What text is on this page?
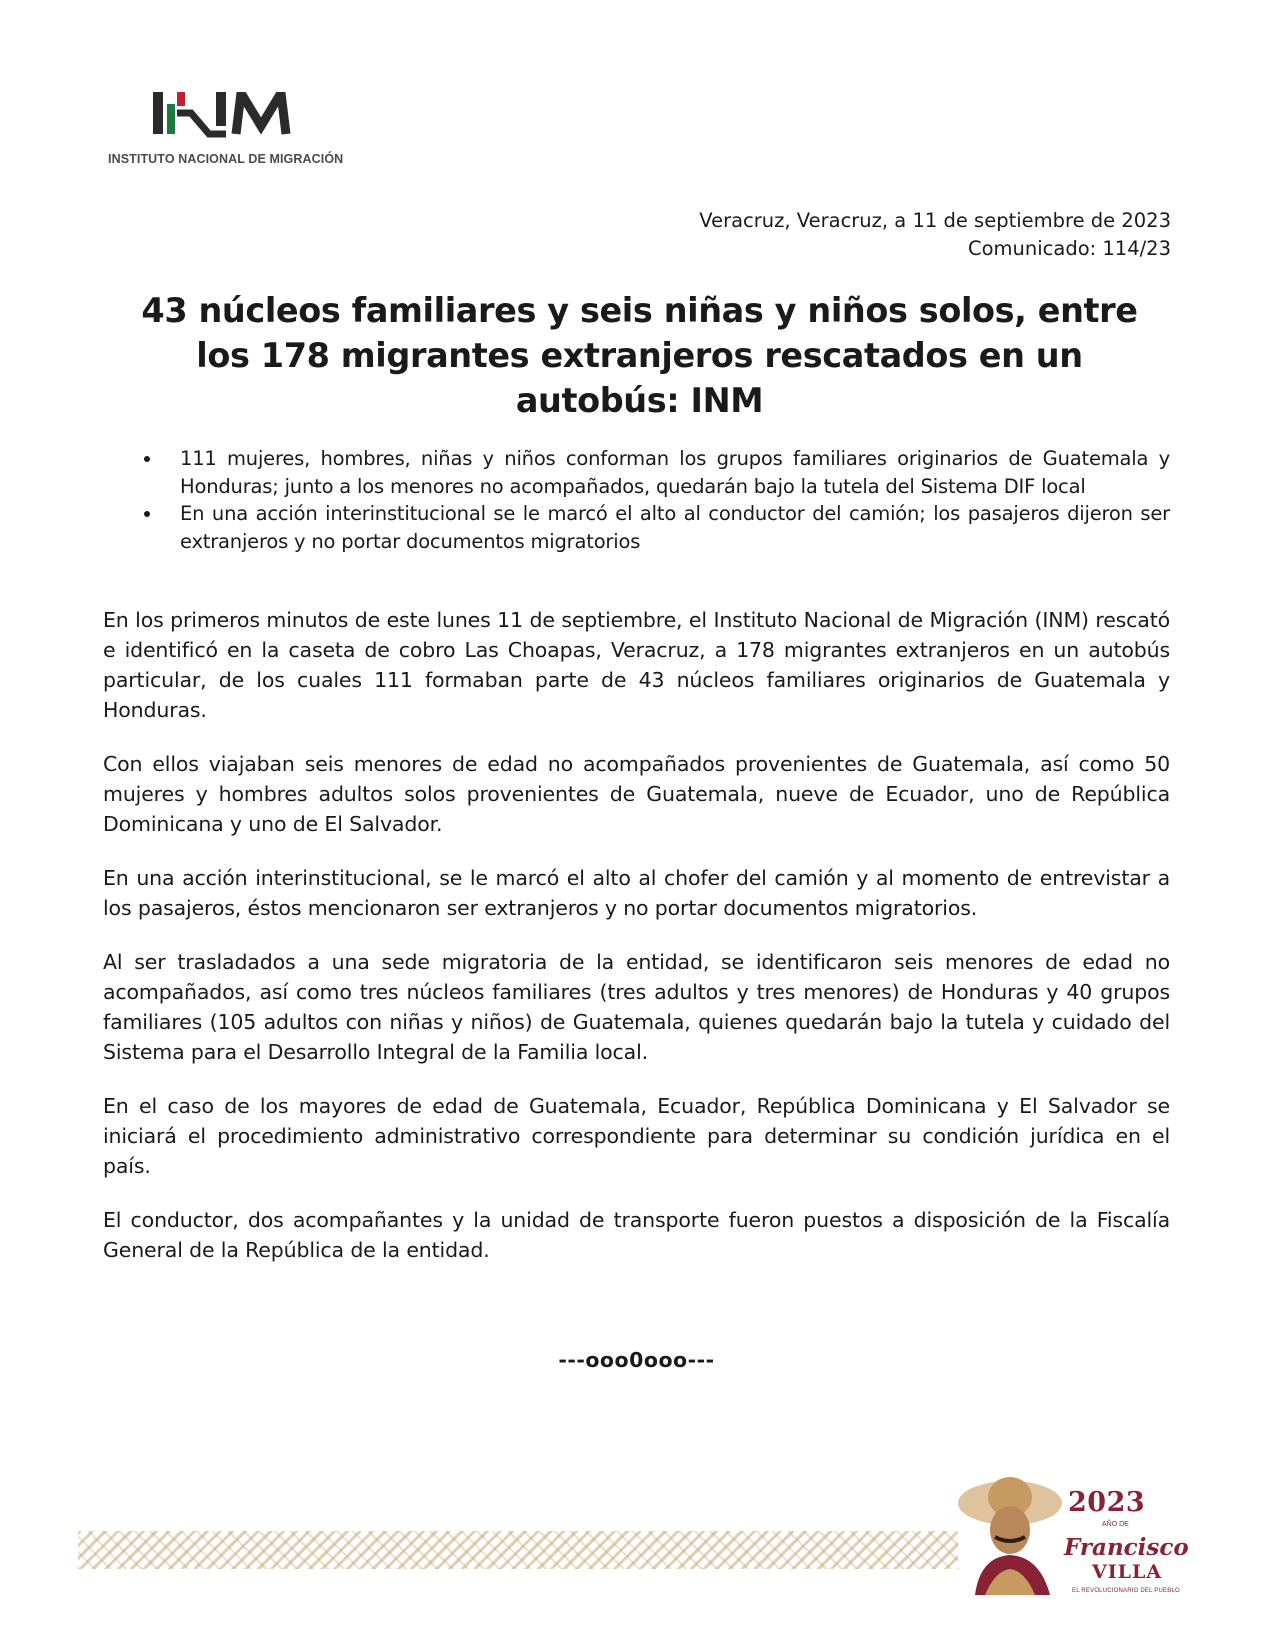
INSTITUTO NACIONAL DE MIGRACIÓN
Veracruz, Veracruz, a 11 de septiembre de 2023
Comunicado: 114/23
43 núcleos familiares y seis niñas y niños solos, entre los 178 migrantes extranjeros rescatados en un autobús: INM
111 mujeres, hombres, niñas y niños conforman los grupos familiares originarios de Guatemala y Honduras; junto a los menores no acompañados, quedarán bajo la tutela del Sistema DIF local
En una acción interinstitucional se le marcó el alto al conductor del camión; los pasajeros dijeron ser extranjeros y no portar documentos migratorios

En los primeros minutos de este lunes 11 de septiembre, el Instituto Nacional de Migración (INM) rescató e identificó en la caseta de cobro Las Choapas, Veracruz, a 178 migrantes extranjeros en un autobús particular, de los cuales 111 formaban parte de 43 núcleos familiares originarios de Guatemala y Honduras.

Con ellos viajaban seis menores de edad no acompañados provenientes de Guatemala, así como 50 mujeres y hombres adultos solos provenientes de Guatemala, nueve de Ecuador, uno de República Dominicana y uno de El Salvador.

En una acción interinstitucional, se le marcó el alto al chofer del camión y al momento de entrevistar a los pasajeros, éstos mencionaron ser extranjeros y no portar documentos migratorios.

Al ser trasladados a una sede migratoria de la entidad, se identificaron seis menores de edad no acompañados, así como tres núcleos familiares (tres adultos y tres menores) de Honduras y 40 grupos familiares (105 adultos con niñas y niños) de Guatemala, quienes quedarán bajo la tutela y cuidado del Sistema para el Desarrollo Integral de la Familia local.

En el caso de los mayores de edad de Guatemala, Ecuador, República Dominicana y El Salvador se iniciará el procedimiento administrativo correspondiente para determinar su condición jurídica en el país.

El conductor, dos acompañantes y la unidad de transporte fueron puestos a disposición de la Fiscalía General de la República de la entidad.

---ooo0ooo---
2023
AÑO DE
Francisco
VILLA
EL REVOLUCIONARIO DEL PUEBLO
